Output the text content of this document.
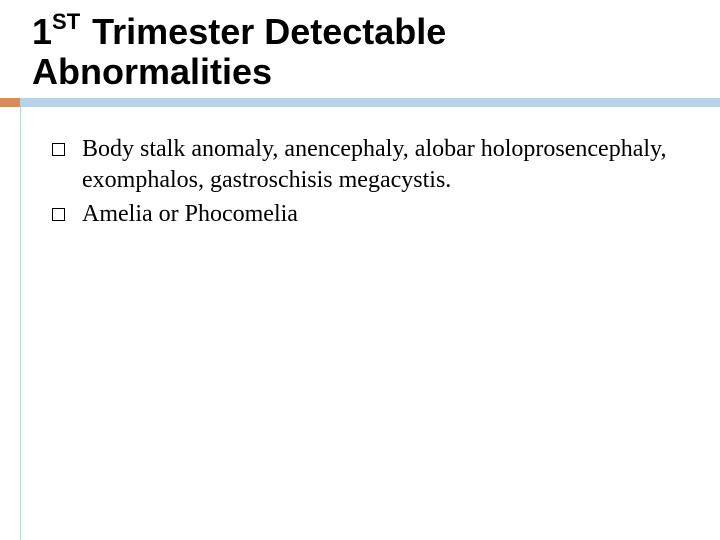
1ST Trimester Detectable Abnormalities
Body stalk anomaly, anencephaly, alobar holoprosencephaly, exomphalos, gastroschisis megacystis.
Amelia or Phocomelia
